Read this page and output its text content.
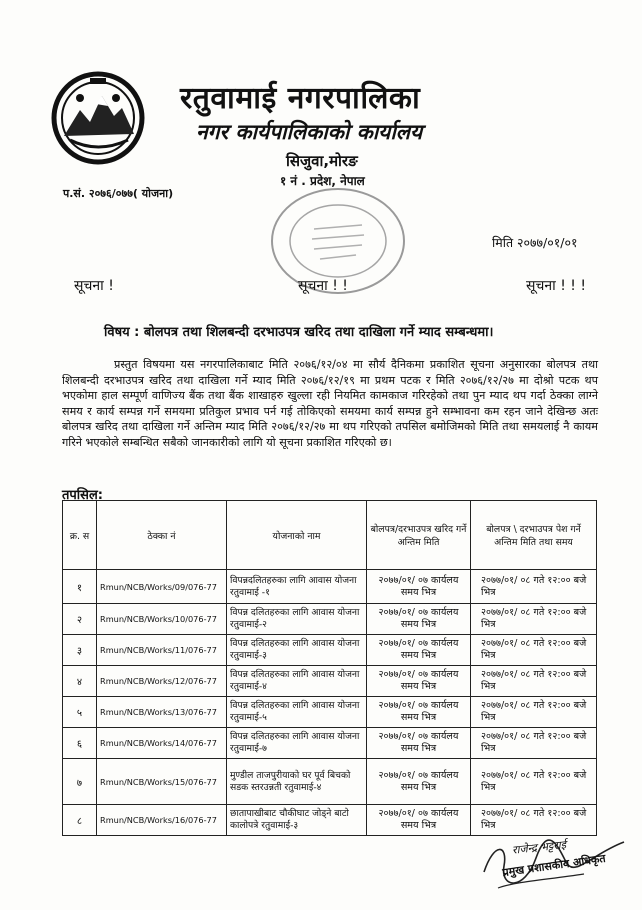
रतुवामाई नगरपालिका
नगर कार्यपालिकाको कार्यालय
सिजुवा,मोरङ
१ नं . प्रदेश, नेपाल
प.सं. २०७६/०७७( योजना)
मिति २०७७/०१/०१
सूचना !	सूचना ! !	सूचना ! ! !
विषय : बोलपत्र तथा शिलबन्दी दरभाउपत्र खरिद तथा दाखिला गर्ने म्याद सम्बन्धमा।
प्रस्तुत विषयमा यस नगरपालिकाबाट मिति २०७६/१२/०४ मा सौर्य दैनिकमा प्रकाशित सूचना अनुसारका बोलपत्र तथा शिलबन्दी दरभाउपत्र खरिद तथा दाखिला गर्ने म्याद मिति २०७६/१२/१९ मा प्रथम पटक र मिति २०७६/१२/२७ मा दोश्रो पटक थप भएकोमा हाल सम्पूर्ण वाणिज्य बैंक तथा बैंक शाखाहरु खुल्ला रही नियमित कामकाज गरिरहेको तथा पुन म्याद थप गर्दा ठेक्का लाग्ने समय र कार्य सम्पन्न गर्ने समयमा प्रतिकुल प्रभाव पर्न गई तोकिएको समयमा कार्य सम्पन्न हुने सम्भावना कम रहन जाने देखिन्छ अतः बोलपत्र खरिद तथा दाखिला गर्ने अन्तिम म्याद मिति २०७६/१२/२७ मा थप गरिएको तपसिल बमोजिमको मिति तथा समयलाई नै कायम गरिने भएकोले सम्बन्धित सबैको जानकारीको लागि यो सूचना प्रकाशित गरिएको छ।
तपसिल:
क्र. स	ठेक्का नं	योजनाको नाम	बोलपत्र/दरभाउपत्र खरिद गर्ने अन्तिम मिति	बोलपत्र \ दरभाउपत्र पेश गर्ने अन्तिम मिति तथा समय
१	Rmun/NCB/Works/09/076-77	विपन्नदलितहरुका लागि आवास योजना रतुवामाई -१	२०७७/०१/ ०७ कार्यलय समय भित्र	२०७७/०१/ ०८ गते १२:०० बजे भित्र
२	Rmun/NCB/Works/10/076-77	विपन्न दलितहरुका लागि आवास योजना रतुवामाई-२	२०७७/०१/ ०७ कार्यलय समय भित्र	२०७७/०१/ ०८ गते १२:०० बजे भित्र
३	Rmun/NCB/Works/11/076-77	विपन्न दलितहरुका लागि आवास योजना रतुवामाई-३	२०७७/०१/ ०७ कार्यलय समय भित्र	२०७७/०१/ ०८ गते १२:०० बजे भित्र
४	Rmun/NCB/Works/12/076-77	विपन्न दलितहरुका लागि आवास योजना रतुवामाई-४	२०७७/०१/ ०७ कार्यलय समय भित्र	२०७७/०१/ ०८ गते १२:०० बजे भित्र
५	Rmun/NCB/Works/13/076-77	विपन्न दलितहरुका लागि आवास योजना रतुवामाई-५	२०७७/०१/ ०७ कार्यलय समय भित्र	२०७७/०१/ ०८ गते १२:०० बजे भित्र
६	Rmun/NCB/Works/14/076-77	विपन्न दलितहरुका लागि आवास योजना रतुवामाई-७	२०७७/०१/ ०७ कार्यलय समय भित्र	२०७७/०१/ ०८ गते १२:०० बजे भित्र
७	Rmun/NCB/Works/15/076-77	मुण्डील ताजपुरीयाको घर पूर्व बिचको सडक स्तरउन्नती रतुवामाई-४	२०७७/०१/ ०७ कार्यलय समय भित्र	२०७७/०१/ ०८ गते १२:०० बजे भित्र
८	Rmun/NCB/Works/16/076-77	छातापाखीबाट चौकीघाट जोड्ने बाटो कालोपत्रे रतुवामाई-३	२०७७/०१/ ०७ कार्यलय समय भित्र	२०७७/०१/ ०८ गते १२:०० बजे भित्र
राजेन्द्र भट्टराई
प्रमुख प्रशासकीय अधिकृत
